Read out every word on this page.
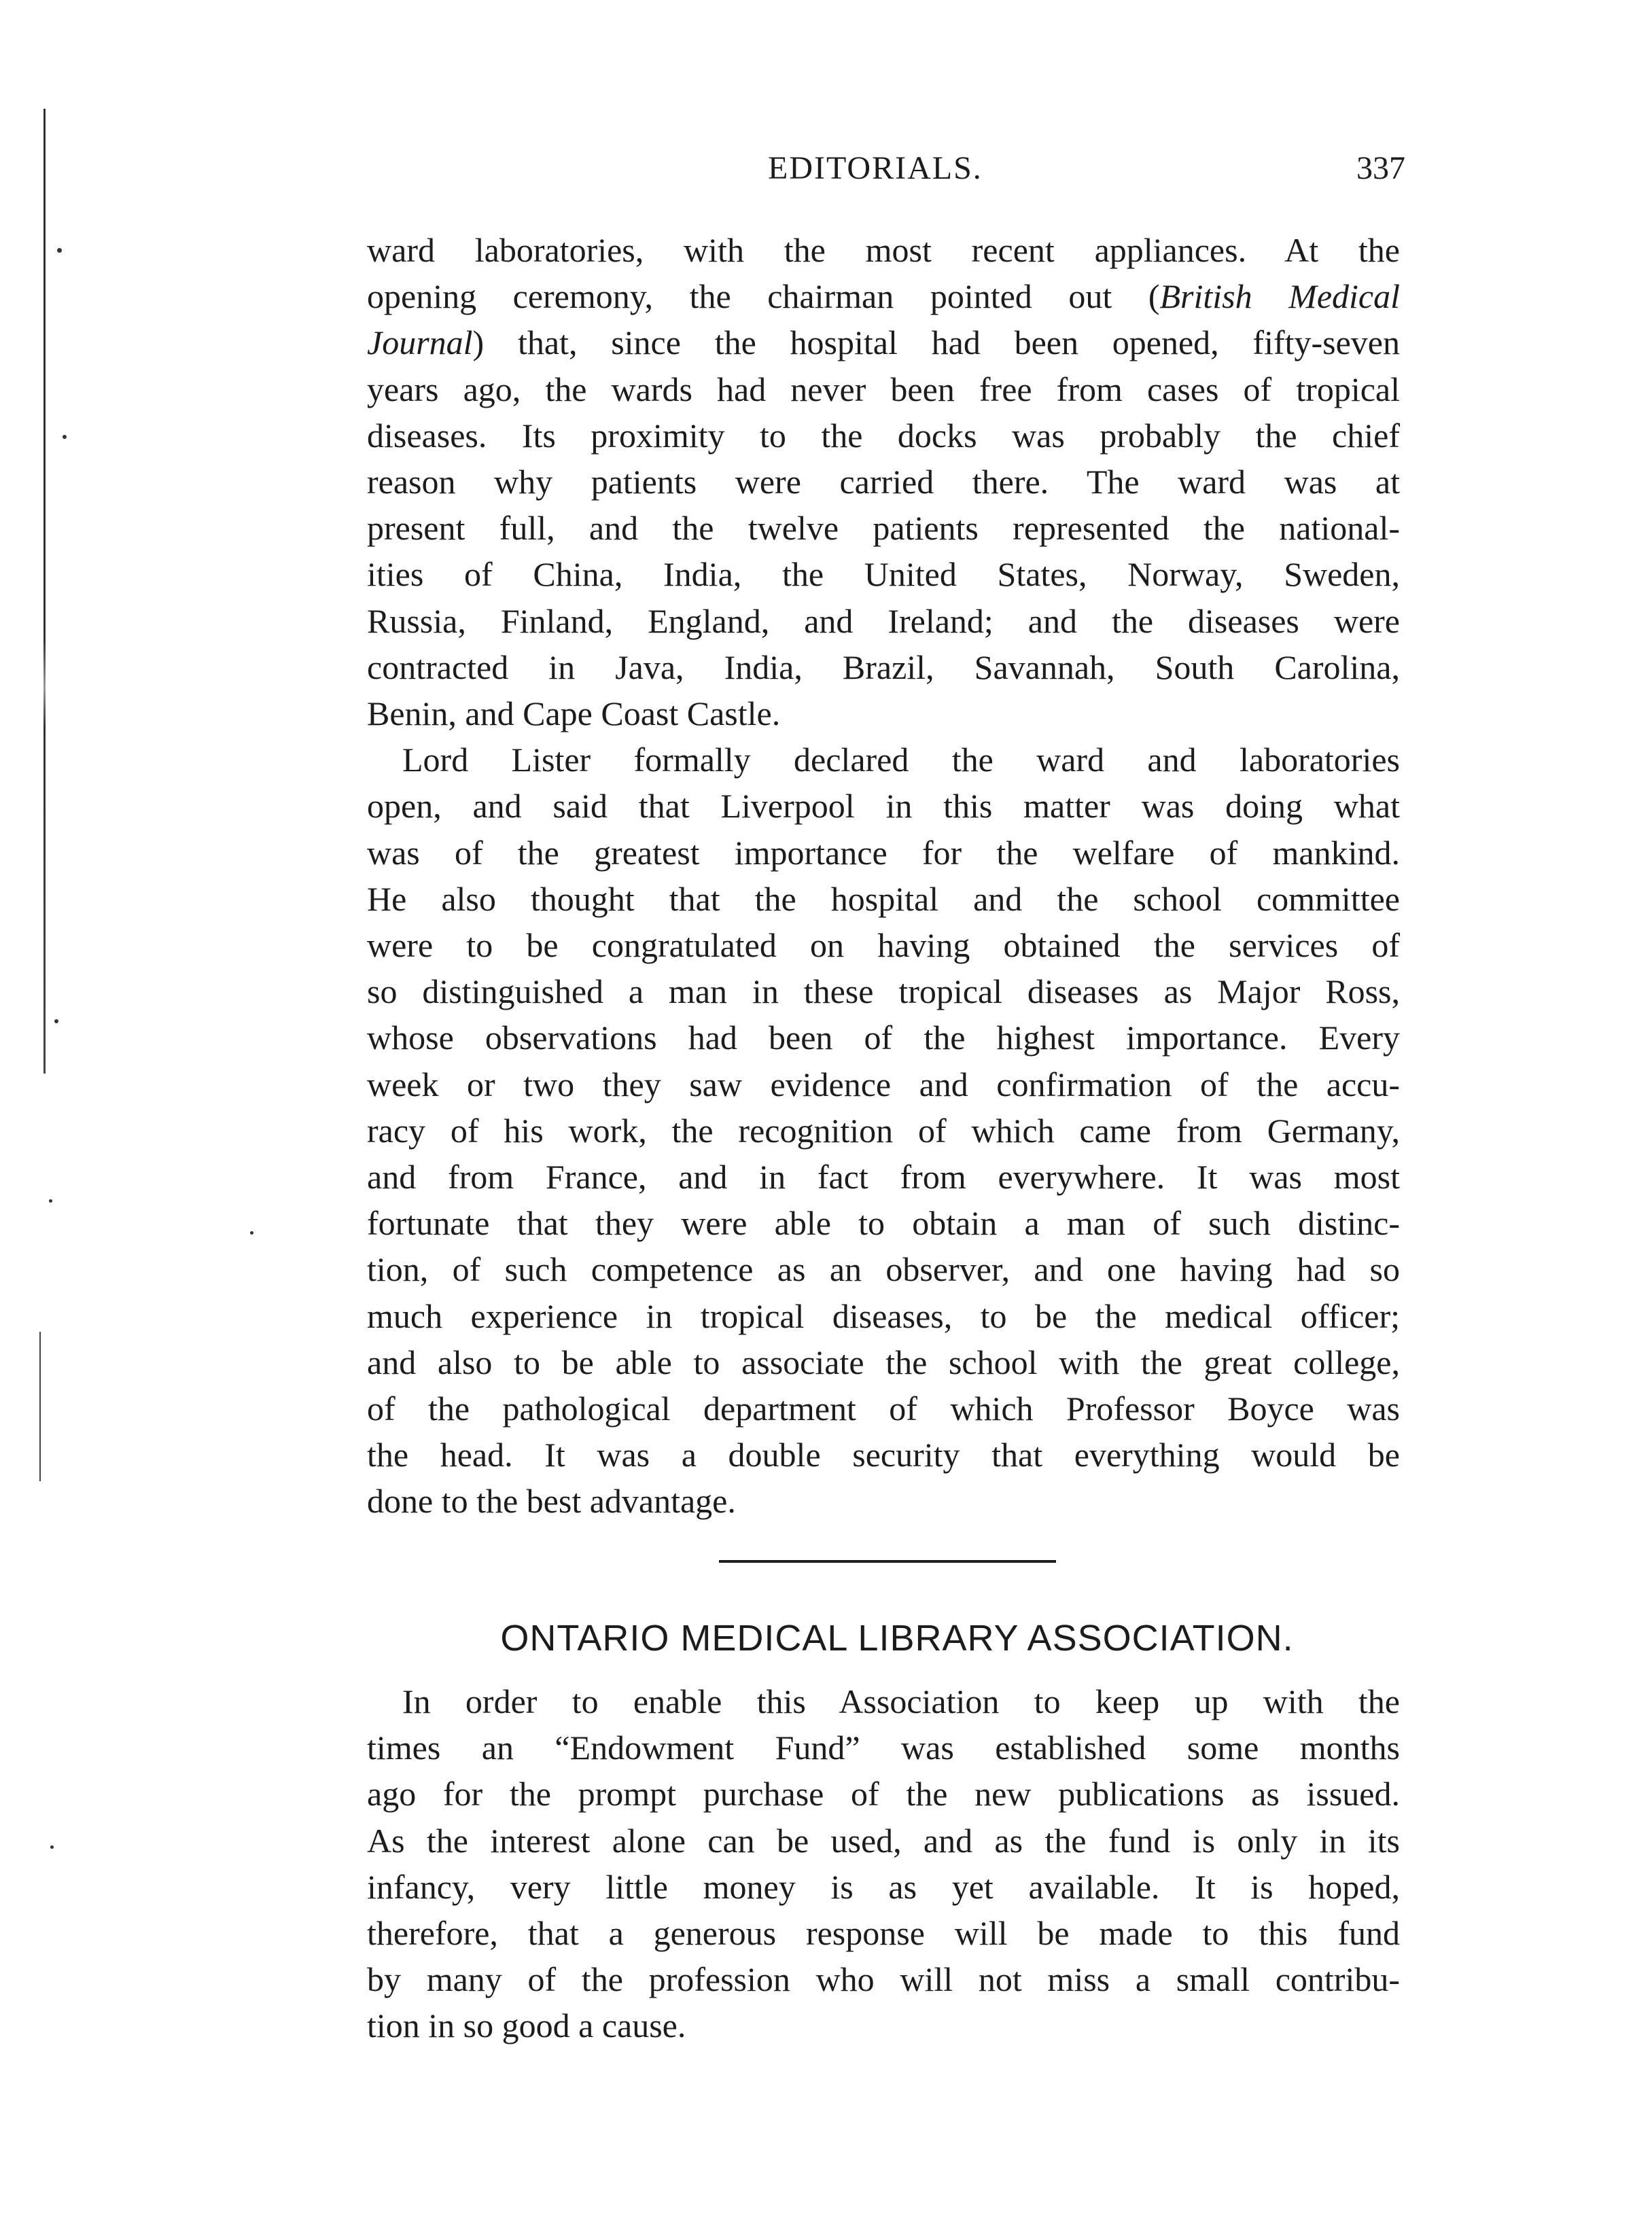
EDITORIALS.	337

ward laboratories, with the most recent appliances. At the
opening ceremony, the chairman pointed out (British Medical
Journal) that, since the hospital had been opened, fifty-seven
years ago, the wards had never been free from cases of tropical
diseases. Its proximity to the docks was probably the chief
reason why patients were carried there. The ward was at
present full, and the twelve patients represented the national-
ities of China, India, the United States, Norway, Sweden,
Russia, Finland, England, and Ireland; and the diseases were
contracted in Java, India, Brazil, Savannah, South Carolina,
Benin, and Cape Coast Castle.

Lord Lister formally declared the ward and laboratories
open, and said that Liverpool in this matter was doing what
was of the greatest importance for the welfare of mankind.
He also thought that the hospital and the school committee
were to be congratulated on having obtained the services of
so distinguished a man in these tropical diseases as Major Ross,
whose observations had been of the highest importance. Every
week or two they saw evidence and confirmation of the accu-
racy of his work, the recognition of which came from Germany,
and from France, and in fact from everywhere. It was most
fortunate that they were able to obtain a man of such distinc-
tion, of such competence as an observer, and one having had so
much experience in tropical diseases, to be the medical officer;
and also to be able to associate the school with the great college,
of the pathological department of which Professor Boyce was
the head. It was a double security that everything would be
done to the best advantage.

ONTARIO MEDICAL LIBRARY ASSOCIATION.

In order to enable this Association to keep up with the
times an “Endowment Fund” was established some months
ago for the prompt purchase of the new publications as issued.
As the interest alone can be used, and as the fund is only in its
infancy, very little money is as yet available. It is hoped,
therefore, that a generous response will be made to this fund
by many of the profession who will not miss a small contribu-
tion in so good a cause.
